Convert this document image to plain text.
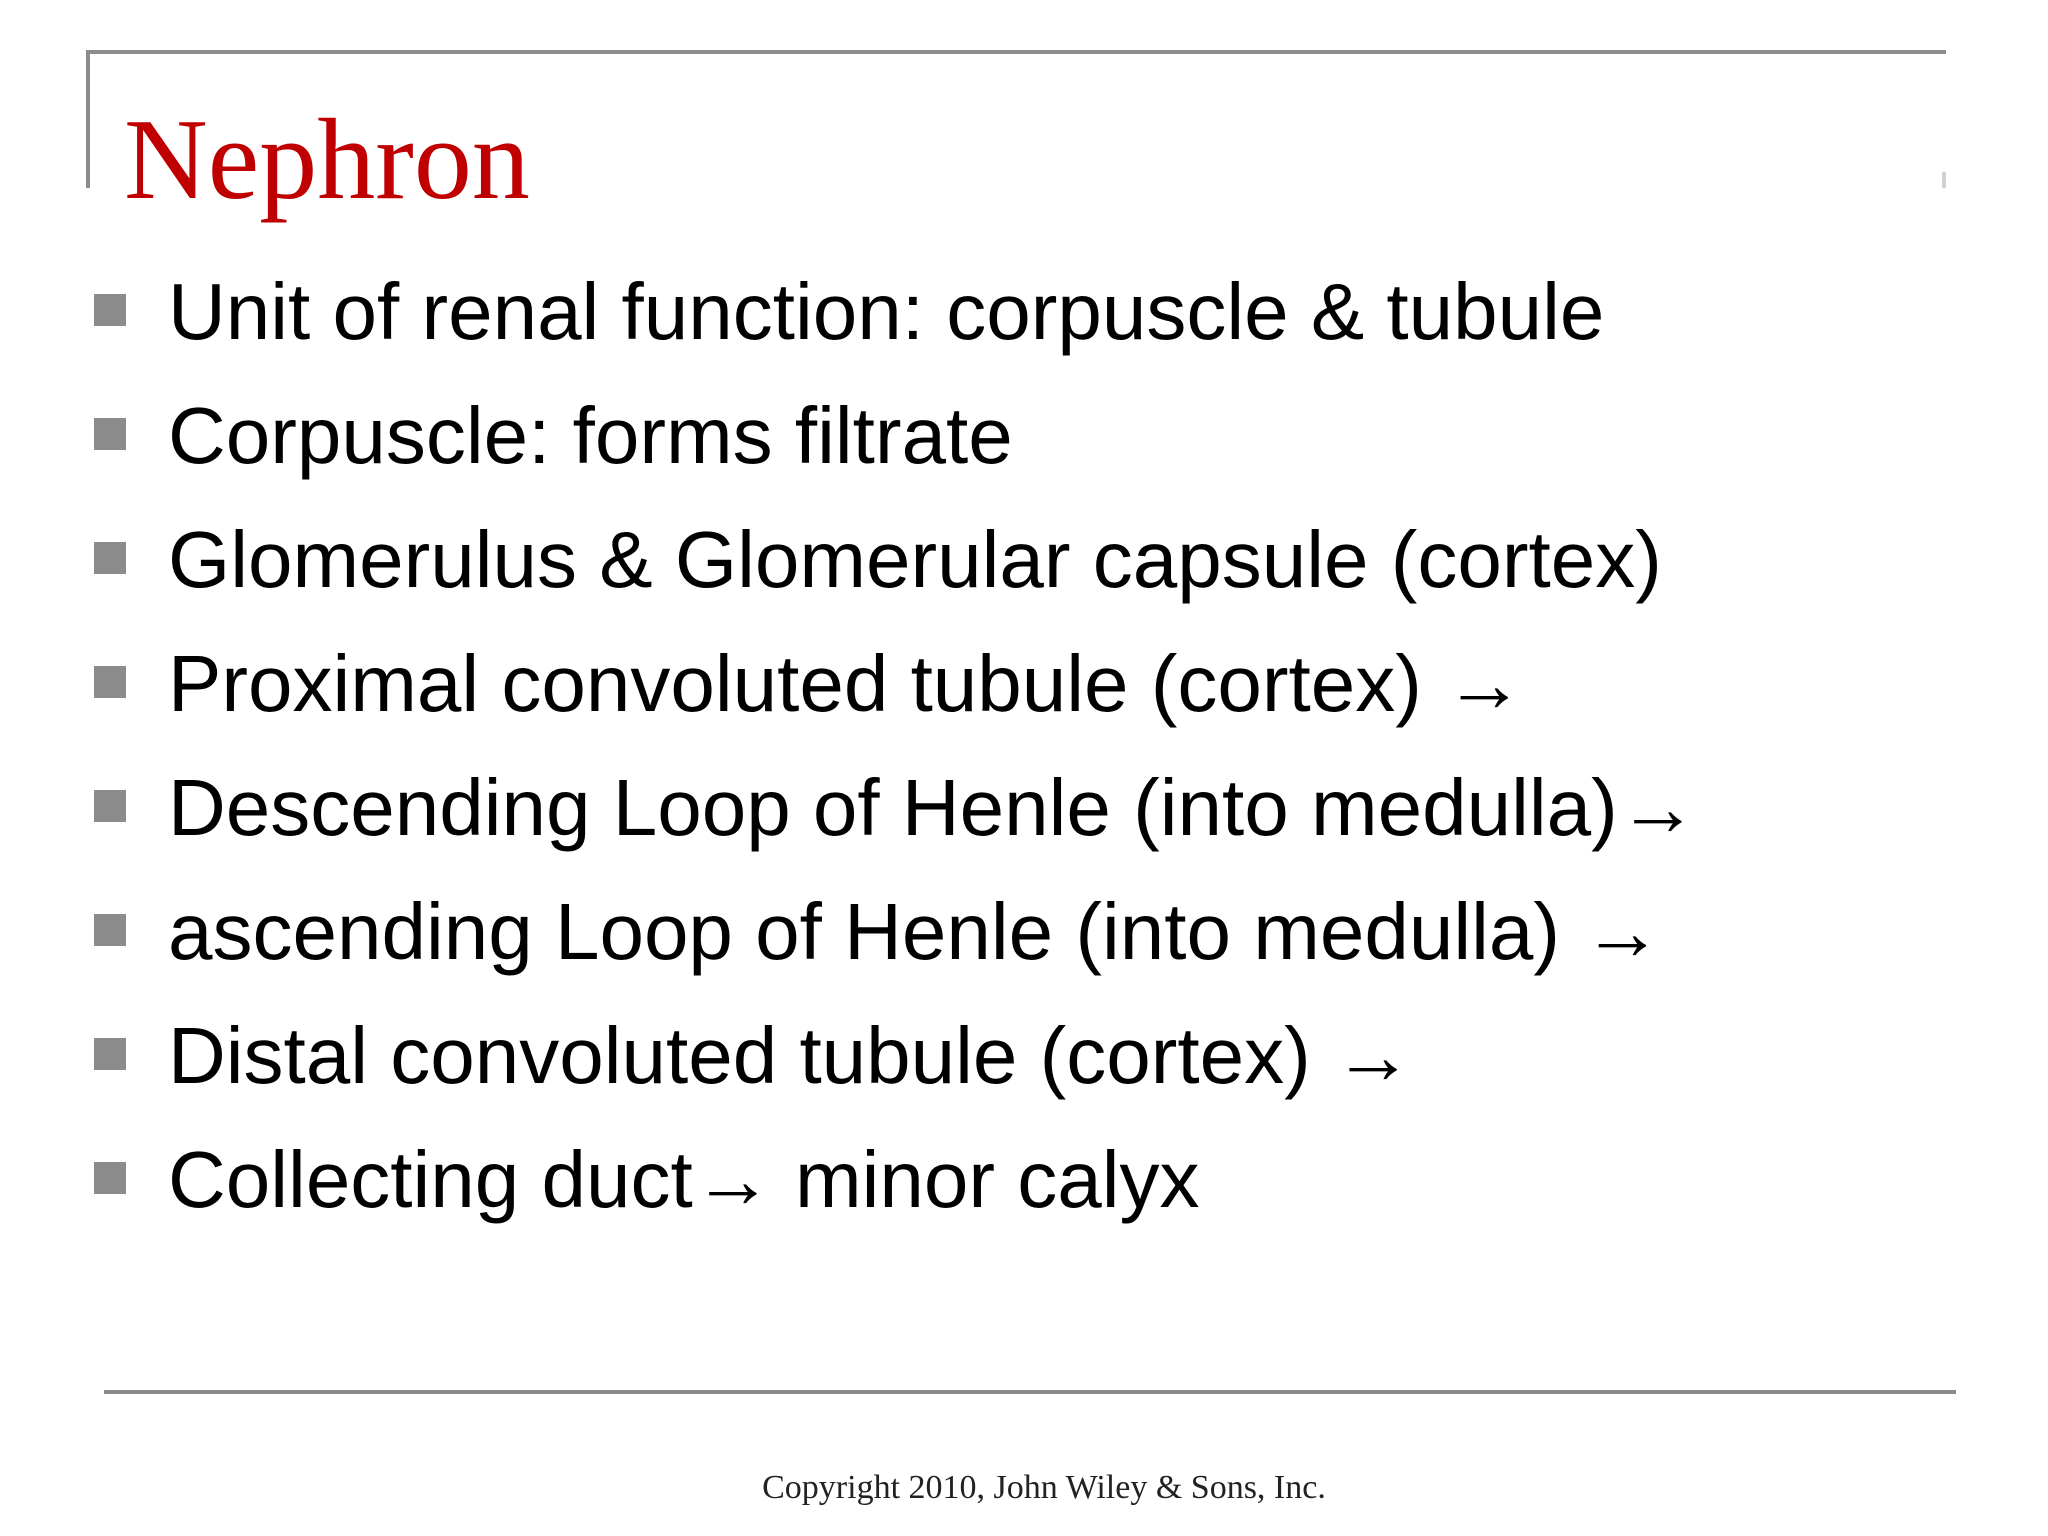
Nephron
Unit of renal function: corpuscle & tubule
Corpuscle: forms filtrate
Glomerulus & Glomerular capsule (cortex)
Proximal convoluted tubule (cortex) →
Descending Loop of Henle (into medulla)→
ascending Loop of Henle (into medulla) →
Distal convoluted tubule (cortex) →
Collecting duct→ minor calyx
Copyright 2010, John Wiley & Sons, Inc.
